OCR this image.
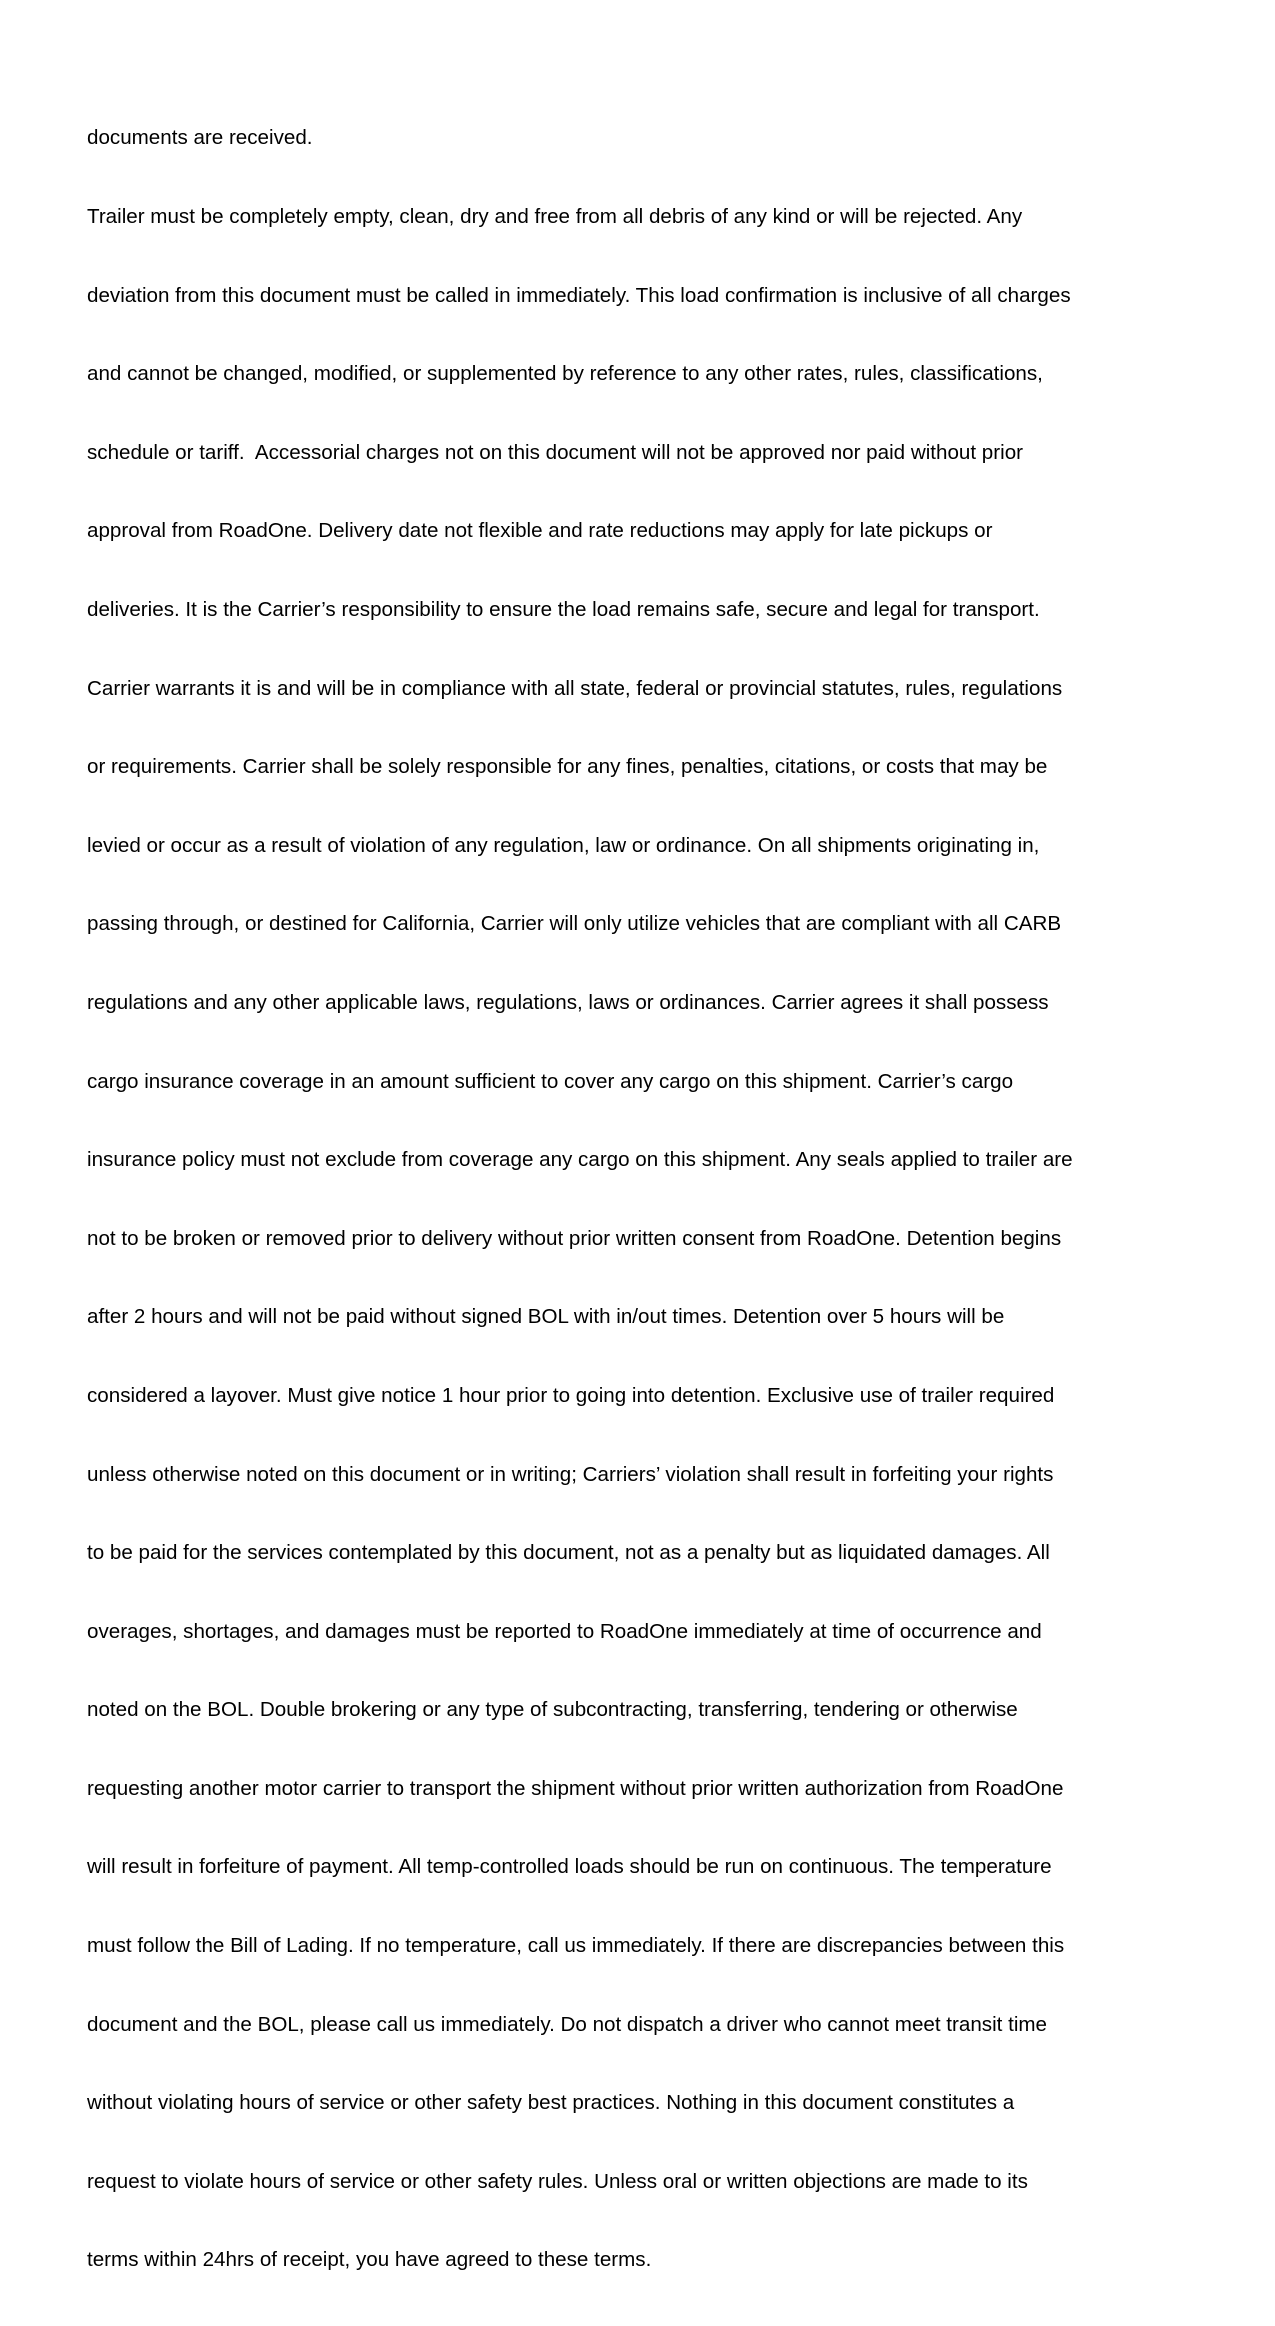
documents are received.

Trailer must be completely empty, clean, dry and free from all debris of any kind or will be rejected. Any

deviation from this document must be called in immediately. This load confirmation is inclusive of all charges

and cannot be changed, modified, or supplemented by reference to any other rates, rules, classifications,

schedule or tariff.  Accessorial charges not on this document will not be approved nor paid without prior

approval from RoadOne. Delivery date not flexible and rate reductions may apply for late pickups or

deliveries. It is the Carrier’s responsibility to ensure the load remains safe, secure and legal for transport.

Carrier warrants it is and will be in compliance with all state, federal or provincial statutes, rules, regulations

or requirements. Carrier shall be solely responsible for any fines, penalties, citations, or costs that may be

levied or occur as a result of violation of any regulation, law or ordinance. On all shipments originating in,

passing through, or destined for California, Carrier will only utilize vehicles that are compliant with all CARB

regulations and any other applicable laws, regulations, laws or ordinances. Carrier agrees it shall possess

cargo insurance coverage in an amount sufficient to cover any cargo on this shipment. Carrier’s cargo

insurance policy must not exclude from coverage any cargo on this shipment. Any seals applied to trailer are

not to be broken or removed prior to delivery without prior written consent from RoadOne. Detention begins

after 2 hours and will not be paid without signed BOL with in/out times. Detention over 5 hours will be

considered a layover. Must give notice 1 hour prior to going into detention. Exclusive use of trailer required

unless otherwise noted on this document or in writing; Carriers’ violation shall result in forfeiting your rights

to be paid for the services contemplated by this document, not as a penalty but as liquidated damages. All

overages, shortages, and damages must be reported to RoadOne immediately at time of occurrence and

noted on the BOL. Double brokering or any type of subcontracting, transferring, tendering or otherwise

requesting another motor carrier to transport the shipment without prior written authorization from RoadOne

will result in forfeiture of payment. All temp-controlled loads should be run on continuous. The temperature

must follow the Bill of Lading. If no temperature, call us immediately. If there are discrepancies between this

document and the BOL, please call us immediately. Do not dispatch a driver who cannot meet transit time

without violating hours of service or other safety best practices. Nothing in this document constitutes a

request to violate hours of service or other safety rules. Unless oral or written objections are made to its

terms within 24hrs of receipt, you have agreed to these terms.
